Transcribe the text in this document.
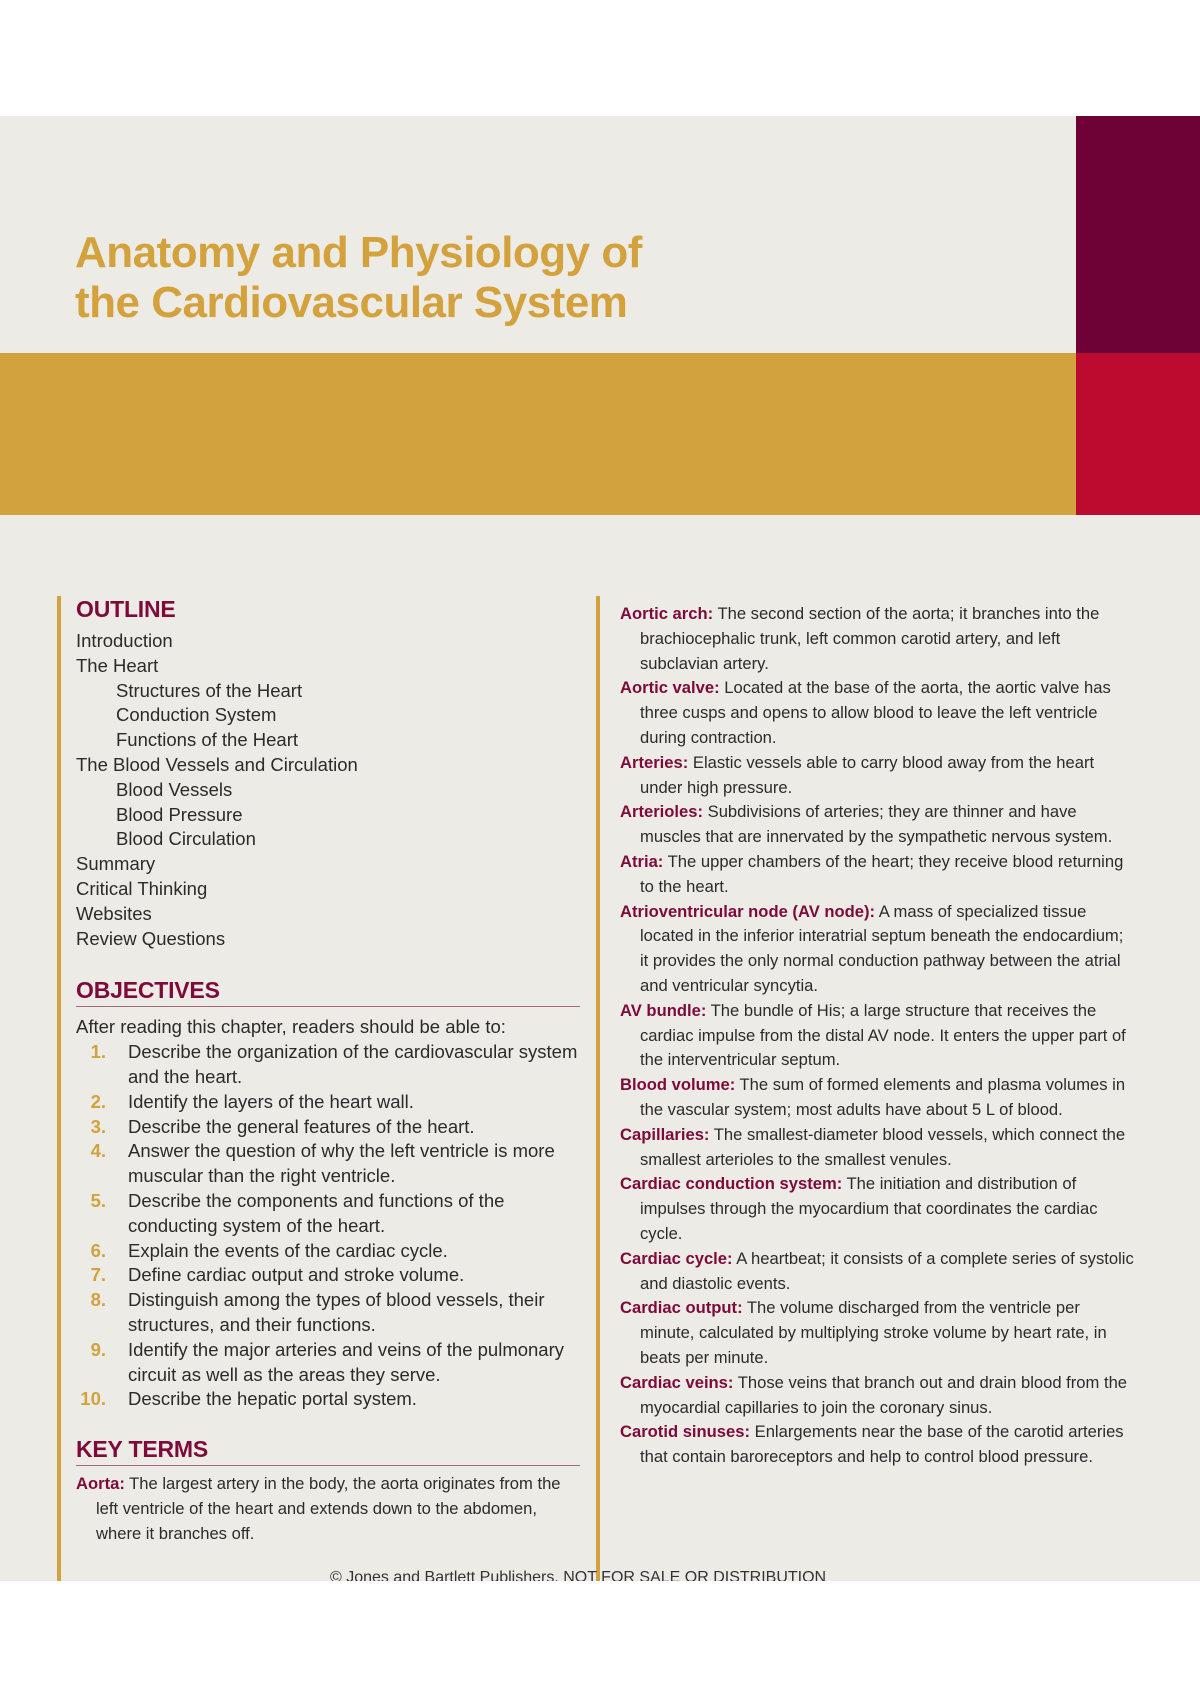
Anatomy and Physiology of
the Cardiovascular System
OUTLINE
Introduction
The Heart
Structures of the Heart
Conduction System
Functions of the Heart
The Blood Vessels and Circulation
Blood Vessels
Blood Pressure
Blood Circulation
Summary
Critical Thinking
Websites
Review Questions
OBJECTIVES

After reading this chapter, readers should be able to:

1. Describe the organization of the cardiovascular system and the heart.
2. Identify the layers of the heart wall.
3. Describe the general features of the heart.
4. Answer the question of why the left ventricle is more muscular than the right ventricle.
5. Describe the components and functions of the conducting system of the heart.
6. Explain the events of the cardiac cycle.
7. Define cardiac output and stroke volume.
8. Distinguish among the types of blood vessels, their structures, and their functions.
9. Identify the major arteries and veins of the pulmonary circuit as well as the areas they serve.
10. Describe the hepatic portal system.
KEY TERMS

Aorta: The largest artery in the body, the aorta originates from the left ventricle of the heart and extends down to the abdomen, where it branches off.

Aortic arch: The second section of the aorta; it branches into the brachiocephalic trunk, left common carotid artery, and left subclavian artery.

Aortic valve: Located at the base of the aorta, the aortic valve has three cusps and opens to allow blood to leave the left ventricle during contraction.

Arteries: Elastic vessels able to carry blood away from the heart under high pressure.

Arterioles: Subdivisions of arteries; they are thinner and have muscles that are innervated by the sympathetic nervous system.

Atria: The upper chambers of the heart; they receive blood returning to the heart.

Atrioventricular node (AV node): A mass of specialized tissue located in the inferior interatrial septum beneath the endocardium; it provides the only normal conduction pathway between the atrial and ventricular syncytia.

AV bundle: The bundle of His; a large structure that receives the cardiac impulse from the distal AV node. It enters the upper part of the interventricular septum.

Blood volume: The sum of formed elements and plasma volumes in the vascular system; most adults have about 5 L of blood.

Capillaries: The smallest-diameter blood vessels, which connect the smallest arterioles to the smallest venules.

Cardiac conduction system: The initiation and distribution of impulses through the myocardium that coordinates the cardiac cycle.

Cardiac cycle: A heartbeat; it consists of a complete series of systolic and diastolic events.

Cardiac output: The volume discharged from the ventricle per minute, calculated by multiplying stroke volume by heart rate, in beats per minute.

Cardiac veins: Those veins that branch out and drain blood from the myocardial capillaries to join the coronary sinus.

Carotid sinuses: Enlargements near the base of the carotid arteries that contain baroreceptors and help to control blood pressure.

© Jones and Bartlett Publishers. NOT FOR SALE OR DISTRIBUTION
